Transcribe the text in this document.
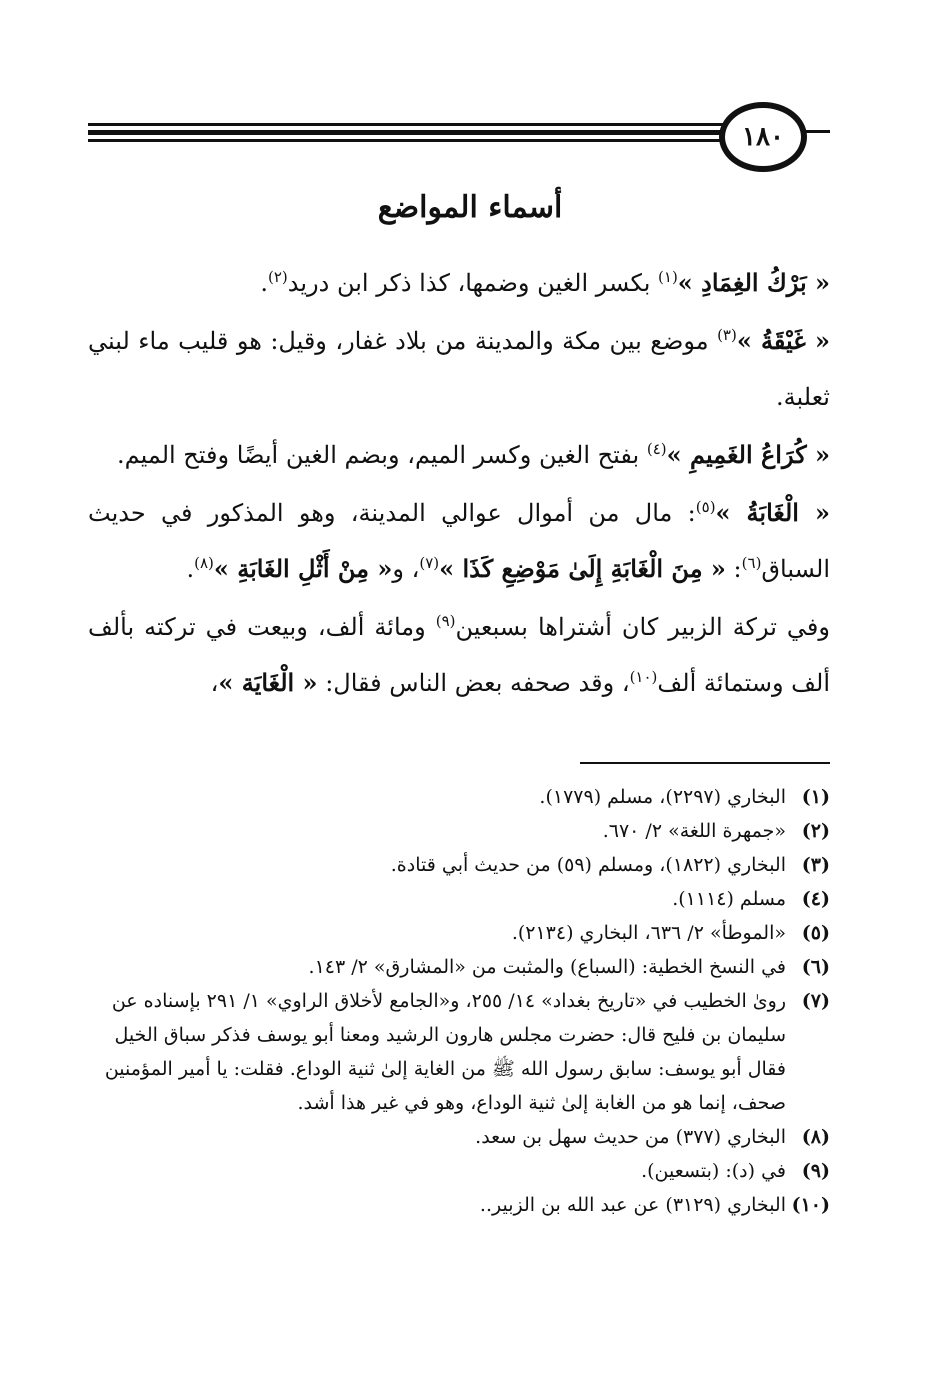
١٨٠
أسماء المواضع

« بَرْكُ الغِمَادِ »$^{(١)}$ بكسر الغين وضمها، كذا ذكر ابن دريد$^{(٢)}$.

« غَيْقَةُ »$^{(٣)}$ موضع بين مكة والمدينة من بلاد غفار، وقيل: هو قليب ماء لبني ثعلبة.

« كُرَاعُ الغَمِيمِ »$^{(٤)}$ بفتح الغين وكسر الميم، وبضم الغين أيضًا وفتح الميم.

« الْغَابَةُ »$^{(٥)}$: مال من أموال عوالي المدينة، وهو المذكور في حديث السباق$^{(٦)}$: « مِنَ الْغَابَةِ إِلَىٰ مَوْضِعِ كَذَا »$^{(٧)}$، و« مِنْ أَثْلِ الغَابَةِ »$^{(٨)}$.

وفي تركة الزبير كان أشتراها بسبعين$^{(٩)}$ ومائة ألف، وبيعت في تركته بألف ألف وستمائة ألف$^{(١٠)}$، وقد صحفه بعض الناس فقال: « الْغَايَة »،

(١)
البخاري (٢٢٩٧)، مسلم (١٧٧٩).
(٢)
«جمهرة اللغة» ٢/ ٦٧٠.
(٣)
البخاري (١٨٢٢)، ومسلم (٥٩) من حديث أبي قتادة.
(٤)
مسلم (١١١٤).
(٥)
«الموطأ» ٢/ ٦٣٦، البخاري (٢١٣٤).
(٦)
في النسخ الخطية: (السباع) والمثبت من «المشارق» ٢/ ١٤٣.
(٧)
روىٰ الخطيب في «تاريخ بغداد» ١٤/ ٢٥٥، و«الجامع لأخلاق الراوي» ١/ ٢٩١ بإسناده عن سليمان بن فليح قال: حضرت مجلس هارون الرشيد ومعنا أبو يوسف فذكر سباق الخيل فقال أبو يوسف: سابق رسول الله ﷺ من الغاية إلىٰ ثنية الوداع. فقلت: يا أمير المؤمنين صحف، إنما هو من الغابة إلىٰ ثنية الوداع، وهو في غير هذا أشد.
(٨)
البخاري (٣٧٧) من حديث سهل بن سعد.
(٩)
في (د): (بتسعين).
(١٠)
البخاري (٣١٢٩) عن عبد الله بن الزبير..
